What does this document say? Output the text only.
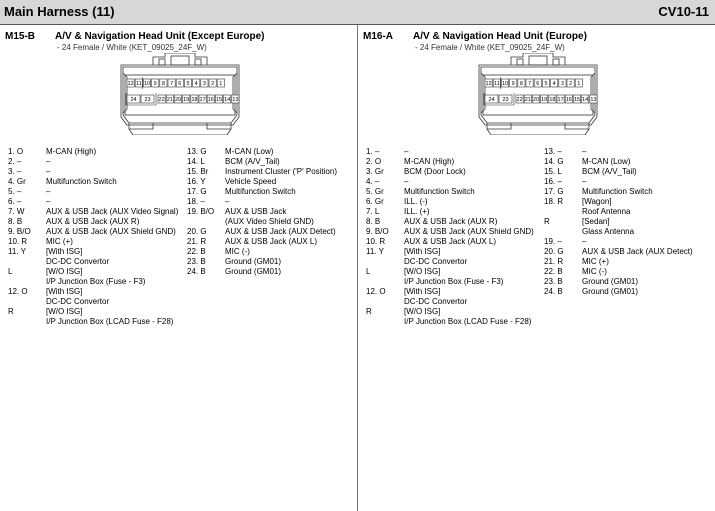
Main Harness (11)	CV10-11
M15-B A/V & Navigation Head Unit (Except Europe)
- 24 Female / White (KET_09025_24F_W)
12 11 10 9 8 7 6 5 4 3 2 1
24 23 22 21 20 19 18 17 16 15 14 13
1. O	M-CAN (High)
2. –	–
3. –	–
4. Gr	Multifunction Switch
5. –	–
6. –	–
7. W	AUX & USB Jack (AUX Video Signal)
8. B	AUX & USB Jack (AUX R)
9. B/O	AUX & USB Jack (AUX Shield GND)
10. R	MIC (+)
11. Y	[With ISG]
DC-DC Convertor
L	[W/O ISG]
I/P Junction Box (Fuse - F3)
12. O	[With ISG]
DC-DC Convertor
R	[W/O ISG]
I/P Junction Box (LCAD Fuse - F28)
13. G	M-CAN (Low)
14. L	BCM (A/V_Tail)
15. Br	Instrument Cluster ('P' Position)
16. Y	Vehicle Speed
17. G	Multifunction Switch
18. –	–
19. B/O	AUX & USB Jack
(AUX Video Shield GND)
20. G	AUX & USB Jack (AUX Detect)
21. R	AUX & USB Jack (AUX L)
22. B	MIC (-)
23. B	Ground (GM01)
24. B	Ground (GM01)
M16-A A/V & Navigation Head Unit (Europe)
- 24 Female / White (KET_09025_24F_W)
12 11 10 9 8 7 6 5 4 3 2 1
24 23 22 21 20 19 18 17 16 15 14 13
1. –	–
2. O	M-CAN (High)
3. Gr	BCM (Door Lock)
4. –	–
5. Gr	Multifunction Switch
6. Gr	ILL. (-)
7. L	ILL. (+)
8. B	AUX & USB Jack (AUX R)
9. B/O	AUX & USB Jack (AUX Shield GND)
10. R	AUX & USB Jack (AUX L)
11. Y	[With ISG]
DC-DC Convertor
L	[W/O ISG]
I/P Junction Box (Fuse - F3)
12. O	[With ISG]
DC-DC Convertor
R	[W/O ISG]
I/P Junction Box (LCAD Fuse - F28)
13. –	–
14. G	M-CAN (Low)
15. L	BCM (A/V_Tail)
16. –	–
17. G	Multifunction Switch
18. R	[Wagon]
Roof Antenna
R	[Sedan]
Glass Antenna
19. –	–
20. G	AUX & USB Jack (AUX Detect)
21. R	MIC (+)
22. B	MIC (-)
23. B	Ground (GM01)
24. B	Ground (GM01)
